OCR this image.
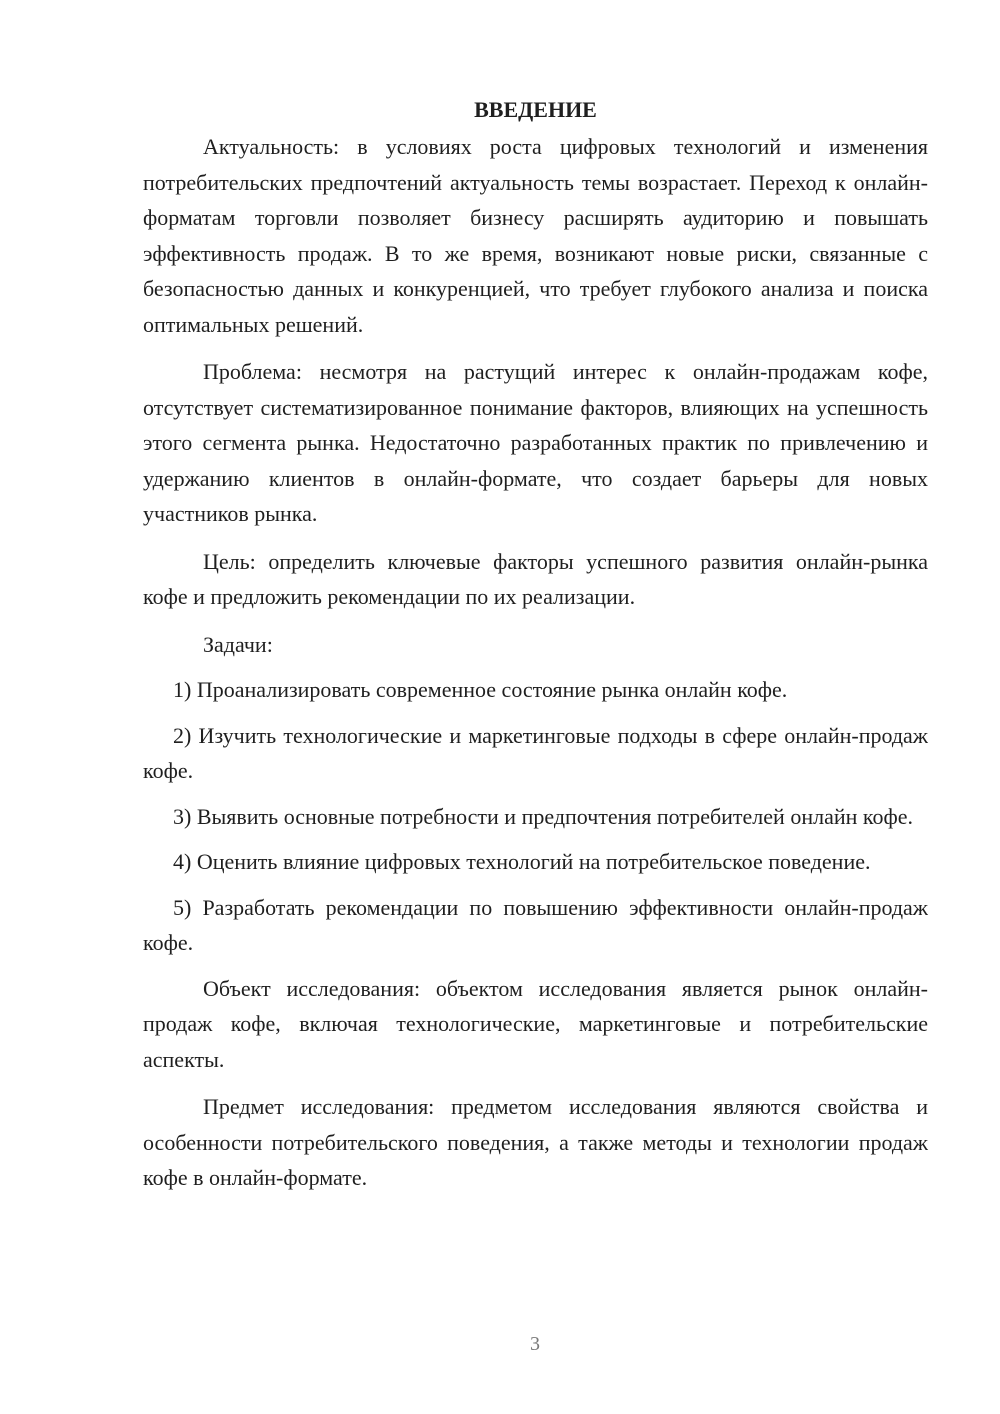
ВВЕДЕНИЕ

Актуальность: в условиях роста цифровых технологий и изменения потребительских предпочтений актуальность темы возрастает. Переход к онлайн-форматам торговли позволяет бизнесу расширять аудиторию и повышать эффективность продаж. В то же время, возникают новые риски, связанные с безопасностью данных и конкуренцией, что требует глубокого анализа и поиска оптимальных решений.

Проблема: несмотря на растущий интерес к онлайн-продажам кофе, отсутствует систематизированное понимание факторов, влияющих на успешность этого сегмента рынка. Недостаточно разработанных практик по привлечению и удержанию клиентов в онлайн-формате, что создает барьеры для новых участников рынка.

Цель: определить ключевые факторы успешного развития онлайн-рынка кофе и предложить рекомендации по их реализации.

Задачи:

1) Проанализировать современное состояние рынка онлайн кофе.

2) Изучить технологические и маркетинговые подходы в сфере онлайн-продаж кофе.

3) Выявить основные потребности и предпочтения потребителей онлайн кофе.

4) Оценить влияние цифровых технологий на потребительское поведение.

5) Разработать рекомендации по повышению эффективности онлайн-продаж кофе.

Объект исследования: объектом исследования является рынок онлайн-продаж кофе, включая технологические, маркетинговые и потребительские аспекты.

Предмет исследования: предметом исследования являются свойства и особенности потребительского поведения, а также методы и технологии продаж кофе в онлайн-формате.

3
